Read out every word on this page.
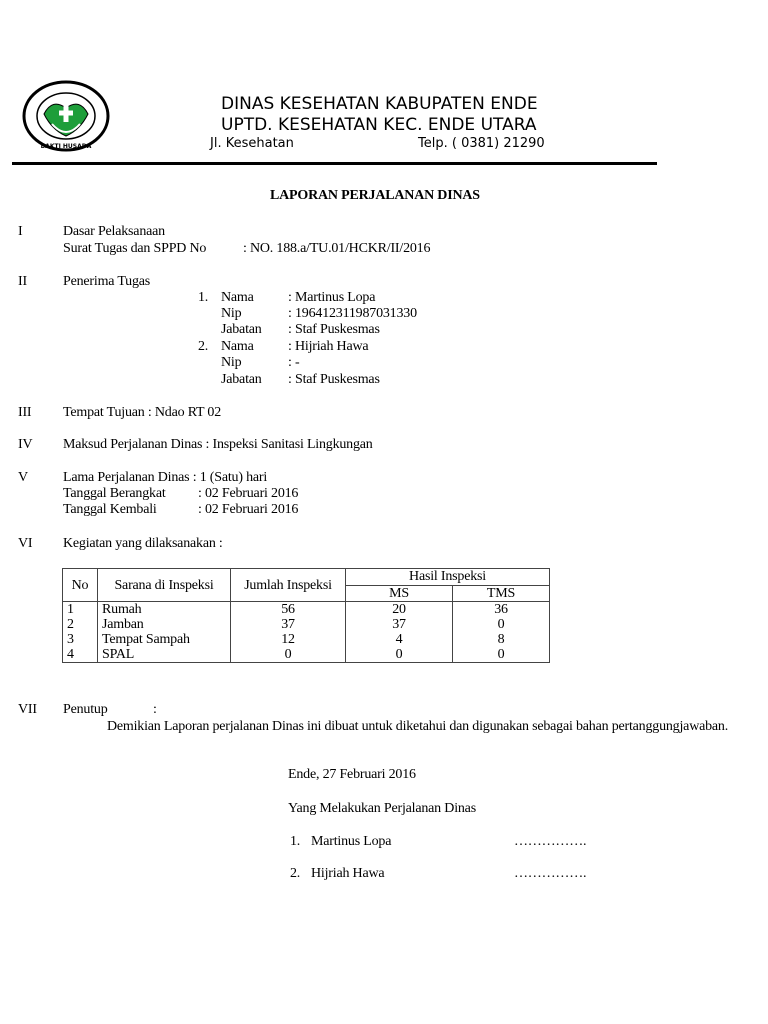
BAKTI HUSADA
DINAS KESEHATAN KABUPATEN ENDE
UPTD. KESEHATAN KEC. ENDE UTARA
Jl. Kesehatan	Telp. ( 0381) 21290
LAPORAN PERJALANAN DINAS
I	Dasar Pelaksanaan
Surat Tugas dan SPPD No	: NO. 188.a/TU.01/HCKR/II/2016
II	Penerima Tugas
1. Nama : Martinus Lopa
Nip	: 196412311987031330
Jabatan : Staf Puskesmas
2. Nama : Hijriah Hawa
Nip	: -
Jabatan : Staf Puskesmas
III Tempat Tujuan : Ndao RT 02
IV Maksud Perjalanan Dinas : Inspeksi Sanitasi Lingkungan
V	Lama Perjalanan Dinas : 1 (Satu) hari
Tanggal Berangkat : 02 Februari 2016
Tanggal Kembali	: 02 Februari 2016
VI Kegiatan yang dilaksanakan :
No	Sarana di Inspeksi	Jumlah Inspeksi	Hasil Inspeksi	
			MS	TMS
1	Rumah	56	20	36
2	Jamban	37	37	0
3	Tempat Sampah	12	4	8
4	SPAL	0	0	0
VII Penutup	:
Demikian Laporan perjalanan Dinas ini dibuat untuk diketahui dan digunakan sebagai bahan pertanggungjawaban.
Ende, 27 Februari 2016
Yang Melakukan Perjalanan Dinas
1. Martinus Lopa	…………….
2. Hijriah Hawa	…………….
